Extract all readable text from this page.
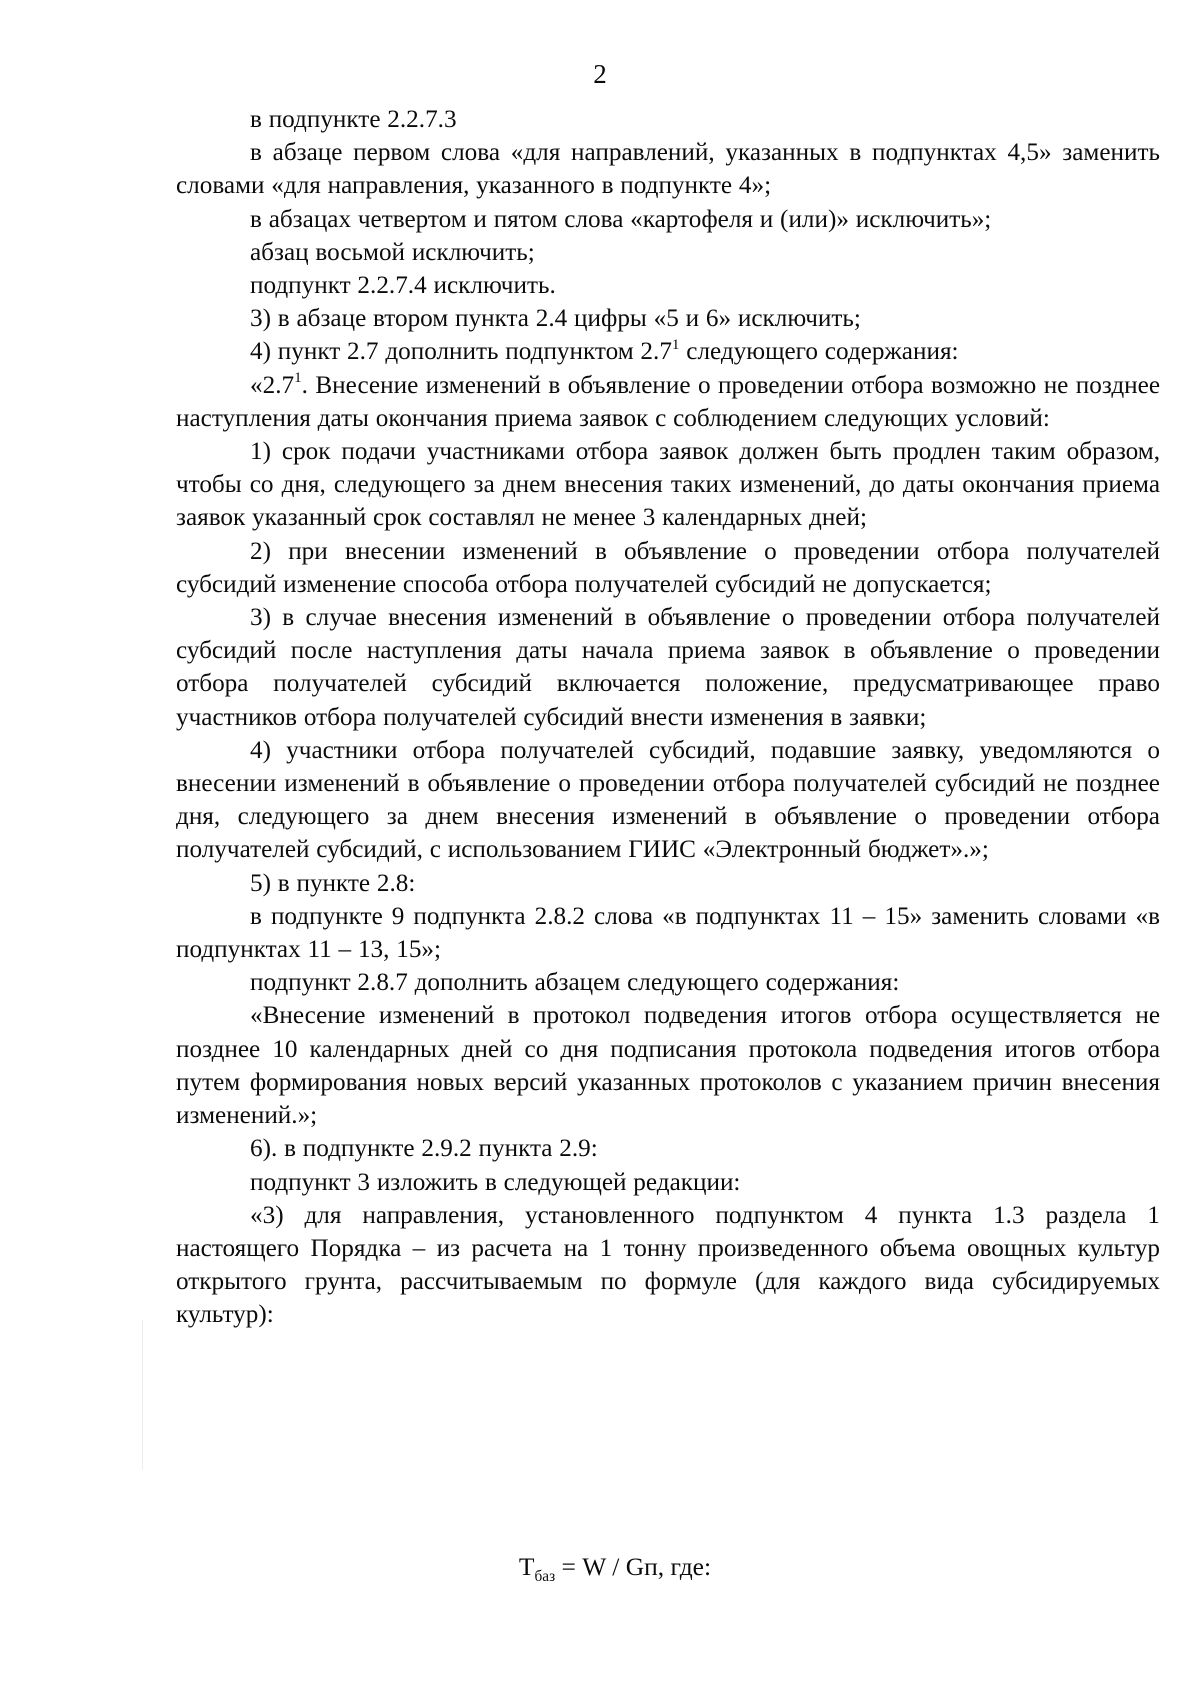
2

в подпункте 2.2.7.3

в абзаце первом слова «для направлений, указанных в подпунктах 4,5» заменить словами «для направления, указанного в подпункте 4»;

в абзацах четвертом и пятом слова «картофеля и (или)» исключить»;

абзац восьмой исключить;

подпункт 2.2.7.4 исключить.

3) в абзаце втором пункта 2.4 цифры «5 и 6» исключить;

4) пункт 2.7 дополнить подпунктом $2.7^1$ следующего содержания:

«$2.7^1$. Внесение изменений в объявление о проведении отбора возможно не позднее наступления даты окончания приема заявок с соблюдением следующих условий:

1) срок подачи участниками отбора заявок должен быть продлен таким образом, чтобы со дня, следующего за днем внесения таких изменений, до даты окончания приема заявок указанный срок составлял не менее 3 календарных дней;

2) при внесении изменений в объявление о проведении отбора получателей субсидий изменение способа отбора получателей субсидий не допускается;

3) в случае внесения изменений в объявление о проведении отбора получателей субсидий после наступления даты начала приема заявок в объявление о проведении отбора получателей субсидий включается положение, предусматривающее право участников отбора получателей субсидий внести изменения в заявки;

4) участники отбора получателей субсидий, подавшие заявку, уведомляются о внесении изменений в объявление о проведении отбора получателей субсидий не позднее дня, следующего за днем внесения изменений в объявление о проведении отбора получателей субсидий, с использованием ГИИС «Электронный бюджет».»;

5) в пункте 2.8:

в подпункте 9 подпункта 2.8.2 слова «в подпунктах 11 – 15» заменить словами «в подпунктах 11 – 13, 15»;

подпункт 2.8.7 дополнить абзацем следующего содержания:

«Внесение изменений в протокол подведения итогов отбора осуществляется не позднее 10 календарных дней со дня подписания протокола подведения итогов отбора путем формирования новых версий указанных протоколов с указанием причин внесения изменений.»;

6). в подпункте 2.9.2 пункта 2.9:

подпункт 3 изложить в следующей редакции:

«3) для направления, установленного подпунктом 4 пункта 1.3 раздела 1 настоящего Порядка – из расчета на 1 тонну произведенного объема овощных культур открытого грунта, рассчитываемым по формуле (для каждого вида субсидируемых культур):

$Т_{баз} = W$ / Gп, где:
